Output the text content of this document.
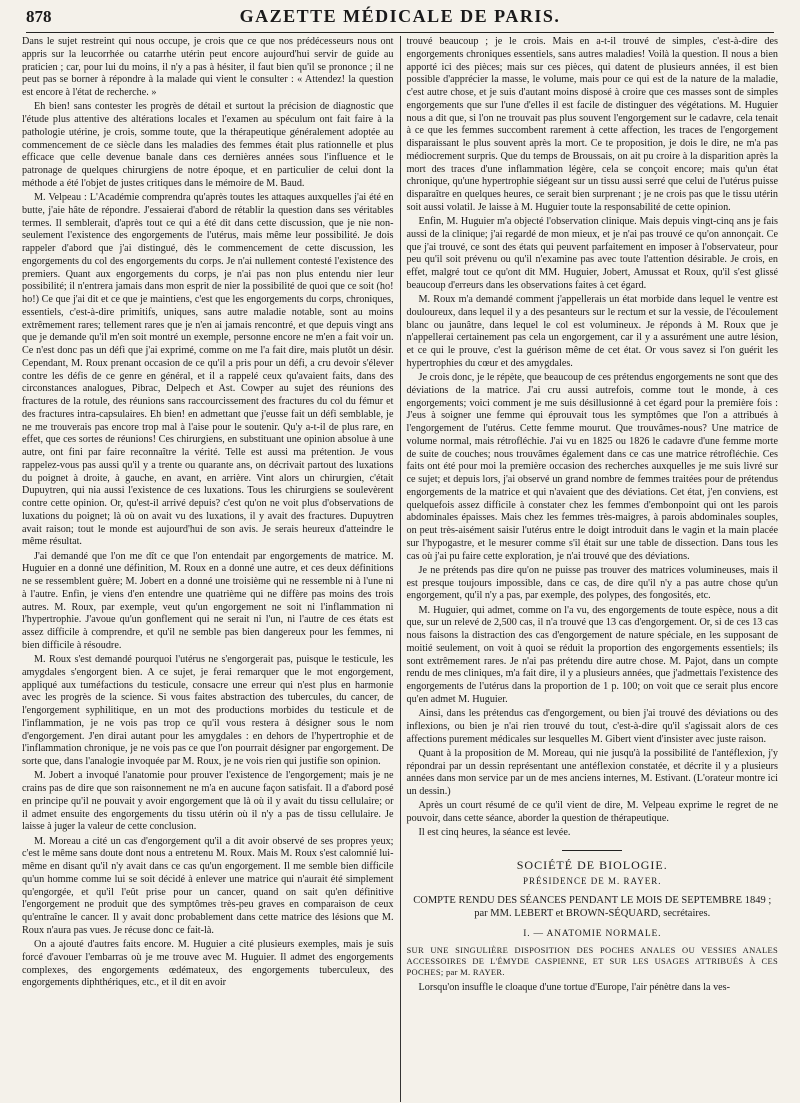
878	GAZETTE MÉDICALE DE PARIS.

Dans le sujet restreint qui nous occupe, je crois que ce que nos prédécesseurs nous ont appris sur la leucorrhée ou catarrhe utérin peut encore aujourd'hui servir de guide au praticien ; car, pour lui du moins, il n'y a pas à hésiter, il faut bien qu'il se prononce ; il ne peut pas se borner à répondre à la malade qui vient le consulter : « Attendez! la question est encore à l'état de recherche. »

Eh bien! sans contester les progrès de détail et surtout la précision de diagnostic que l'étude plus attentive des altérations locales et l'examen au spéculum ont fait faire à la pathologie utérine, je crois, somme toute, que la thérapeutique généralement adoptée au commencement de ce siècle dans les maladies des femmes était plus rationnelle et plus efficace que celle devenue banale dans ces dernières années sous l'influence et le patronage de quelques chirurgiens de notre époque, et en particulier de celui dont la méthode a été l'objet de justes critiques dans le mémoire de M. Baud.

M. Velpeau : L'Académie comprendra qu'après toutes les attaques auxquelles j'ai été en butte, j'aie hâte de répondre. J'essaierai d'abord de rétablir la question dans ses véritables termes. Il semblerait, d'après tout ce qui a été dit dans cette discussion, que je nie non-seulement l'existence des engorgements de l'utérus, mais même leur possibilité. Je dois rappeler d'abord que j'ai distingué, dès le commencement de cette discussion, les engorgements du col des engorgements du corps. Je n'ai nullement contesté l'existence des premiers. Quant aux engorgements du corps, je n'ai pas non plus entendu nier leur possibilité; il n'entrera jamais dans mon esprit de nier la possibilité de quoi que ce soit (ho! ho!) Ce que j'ai dit et ce que je maintiens, c'est que les engorgements du corps, chroniques, essentiels, c'est-à-dire primitifs, uniques, sans autre maladie notable, sont au moins extrêmement rares; tellement rares que je n'en ai jamais rencontré, et que depuis vingt ans que je demande qu'il m'en soit montré un exemple, personne encore ne m'en a fait voir un. Ce n'est donc pas un défi que j'ai exprimé, comme on me l'a fait dire, mais plutôt un désir. Cependant, M. Roux prenant occasion de ce qu'il a pris pour un défi, a cru devoir s'élever contre les défis de ce genre en général, et il a rappelé ceux qu'avaient faits, dans des circonstances analogues, Pibrac, Delpech et Ast. Cowper au sujet des réunions des fractures de la rotule, des réunions sans raccourcissement des fractures du col du fémur et des fractures intra-capsulaires. Eh bien! en admettant que j'eusse fait un défi semblable, je ne me trouverais pas encore trop mal à l'aise pour le soutenir. Qu'y a-t-il de plus rare, en effet, que ces sortes de réunions! Ces chirurgiens, en substituant une opinion absolue à une autre, ont fini par faire reconnaître la vérité. Telle est aussi ma prétention. Je vous rappelez-vous pas aussi qu'il y a trente ou quarante ans, on décrivait partout des luxations du poignet à droite, à gauche, en avant, en arrière. Vint alors un chirurgien, c'était Dupuytren, qui nia aussi l'existence de ces luxations. Tous les chirurgiens se soulevèrent contre cette opinion. Or, qu'est-il arrivé depuis? c'est qu'on ne voit plus d'observations de luxations du poignet; là où on avait vu des luxations, il y avait des fractures. Dupuytren avait raison; tout le monde est aujourd'hui de son avis. Je serais heureux d'atteindre le même résultat.

J'ai demandé que l'on me dît ce que l'on entendait par engorgements de matrice. M. Huguier en a donné une définition, M. Roux en a donné une autre, et ces deux définitions ne se ressemblent guère; M. Jobert en a donné une troisième qui ne ressemble ni à l'une ni à l'autre. Enfin, je viens d'en entendre une quatrième qui ne diffère pas moins des trois autres. M. Roux, par exemple, veut qu'un engorgement ne soit ni l'inflammation ni l'hypertrophie. J'avoue qu'un gonflement qui ne serait ni l'un, ni l'autre de ces états est assez difficile à comprendre, et qu'il ne semble pas bien dangereux pour les femmes, ni bien difficile à résoudre.

M. Roux s'est demandé pourquoi l'utérus ne s'engorgerait pas, puisque le testicule, les amygdales s'engorgent bien. A ce sujet, je ferai remarquer que le mot engorgement, appliqué aux tuméfactions du testicule, consacre une erreur qui n'est plus en harmonie avec les progrès de la science. Si vous faites abstraction des tubercules, du cancer, de l'engorgement syphilitique, en un mot des productions morbides du testicule et de l'inflammation, je ne vois pas trop ce qu'il vous restera à désigner sous le nom d'engorgement. J'en dirai autant pour les amygdales : en dehors de l'hypertrophie et de l'inflammation chronique, je ne vois pas ce que l'on pourrait désigner par engorgement. De sorte que, dans l'analogie invoquée par M. Roux, je ne vois rien qui justifie son opinion.

M. Jobert a invoqué l'anatomie pour prouver l'existence de l'engorgement; mais je ne crains pas de dire que son raisonnement ne m'a en aucune façon satisfait. Il a d'abord posé en principe qu'il ne pouvait y avoir engorgement que là où il y avait du tissu cellulaire; or il admet ensuite des engorgements du tissu utérin où il n'y a pas de tissu cellulaire. Je laisse à juger la valeur de cette conclusion.

M. Moreau a cité un cas d'engorgement qu'il a dit avoir observé de ses propres yeux; c'est le même sans doute dont nous a entretenu M. Roux. Mais M. Roux s'est calomnié lui-même en disant qu'il n'y avait dans ce cas qu'un engorgement. Il me semble bien difficile qu'un homme comme lui se soit décidé à enlever une matrice qui n'aurait été simplement qu'engorgée, et qu'il l'eût prise pour un cancer, quand on sait qu'en définitive l'engorgement ne produit que des symptômes très-peu graves en comparaison de ceux qu'entraîne le cancer. Il y avait donc probablement dans cette matrice des lésions que M. Roux n'aura pas vues. Je récuse donc ce fait-là.

On a ajouté d'autres faits encore. M. Huguier a cité plusieurs exemples, mais je suis forcé d'avouer l'embarras où je me trouve avec M. Huguier. Il admet des engorgements complexes, des engorgements œdémateux, des engorgements tuberculeux, des engorgements diphthériques, etc., et il dit en avoir

trouvé beaucoup ; je le crois. Mais en a-t-il trouvé de simples, c'est-à-dire des engorgements chroniques essentiels, sans autres maladies! Voilà la question. Il nous a bien apporté ici des pièces; mais sur ces pièces, qui datent de plusieurs années, il est bien possible d'apprécier la masse, le volume, mais pour ce qui est de la nature de la maladie, c'est autre chose, et je suis d'autant moins disposé à croire que ces masses sont de simples engorgements que sur l'une d'elles il est facile de distinguer des végétations. M. Huguier nous a dit que, si l'on ne trouvait pas plus souvent l'engorgement sur le cadavre, cela tenait à ce que les femmes succombent rarement à cette affection, les traces de l'engorgement disparaissant le plus souvent après la mort. Ce te proposition, je dois le dire, ne m'a pas médiocrement surpris. Que du temps de Broussais, on ait pu croire à la disparition après la mort des traces d'une inflammation légère, cela se conçoit encore; mais qu'un état chronique, qu'une hypertrophie siégeant sur un tissu aussi serré que celui de l'utérus puisse disparaître en quelques heures, ce serait bien surprenant ; je ne crois pas que le tissu utérin soit aussi volatil. Je laisse à M. Huguier toute la responsabilité de cette opinion.

Enfin, M. Huguier m'a objecté l'observation clinique. Mais depuis vingt-cinq ans je fais aussi de la clinique; j'ai regardé de mon mieux, et je n'ai pas trouvé ce qu'on annonçait. Ce que j'ai trouvé, ce sont des états qui peuvent parfaitement en imposer à l'observateur, pour peu qu'il soit prévenu ou qu'il n'examine pas avec toute l'attention désirable. Je crois, en effet, malgré tout ce qu'ont dit MM. Huguier, Jobert, Amussat et Roux, qu'il s'est glissé beaucoup d'erreurs dans les observations faites à cet égard.

M. Roux m'a demandé comment j'appellerais un état morbide dans lequel le ventre est douloureux, dans lequel il y a des pesanteurs sur le rectum et sur la vessie, de l'écoulement blanc ou jaunâtre, dans lequel le col est volumineux. Je réponds à M. Roux que je n'appellerai certainement pas cela un engorgement, car il y a assurément une autre lésion, et ce qui le prouve, c'est la guérison même de cet état. Or vous savez si l'on guérit les hypertrophies du cœur et des amygdales.

Je crois donc, je le répète, que beaucoup de ces prétendus engorgements ne sont que des déviations de la matrice. J'ai cru aussi autrefois, comme tout le monde, à ces engorgements; voici comment je me suis désillusionné à cet égard pour la première fois : J'eus à soigner une femme qui éprouvait tous les symptômes que l'on a attribués à l'engorgement de l'utérus. Cette femme mourut. Que trouvâmes-nous? Une matrice de volume normal, mais rétrofléchie. J'ai vu en 1825 ou 1826 le cadavre d'une femme morte de suite de couches; nous trouvâmes également dans ce cas une matrice rétrofléchie. Ces faits ont été pour moi la première occasion des recherches auxquelles je me suis livré sur ce sujet; et depuis lors, j'ai observé un grand nombre de femmes traitées pour de prétendus engorgements de la matrice et qui n'avaient que des déviations. Cet état, j'en conviens, est quelquefois assez difficile à constater chez les femmes d'embonpoint qui ont les parois abdominales épaisses. Mais chez les femmes très-maigres, à parois abdominales souples, on peut très-aisément saisir l'utérus entre le doigt introduit dans le vagin et la main placée sur l'hypogastre, et le mesurer comme s'il était sur une table de dissection. Dans tous les cas où j'ai pu faire cette exploration, je n'ai trouvé que des déviations.

Je ne prétends pas dire qu'on ne puisse pas trouver des matrices volumineuses, mais il est presque toujours impossible, dans ce cas, de dire qu'il n'y a pas autre chose qu'un engorgement, qu'il n'y a pas, par exemple, des polypes, des fongosités, etc.

M. Huguier, qui admet, comme on l'a vu, des engorgements de toute espèce, nous a dit que, sur un relevé de 2,500 cas, il n'a trouvé que 13 cas d'engorgement. Or, si de ces 13 cas nous faisons la distraction des cas d'engorgement de nature spéciale, en les supposant de moitié seulement, on voit à quoi se réduit la proportion des engorgements essentiels; ils sont extrêmement rares. Je n'ai pas prétendu dire autre chose. M. Pajot, dans un compte rendu de mes cliniques, m'a fait dire, il y a plusieurs années, que j'admettais l'existence des engorgements de l'utérus dans la proportion de 1 p. 100; on voit que ce serait plus encore qu'en admet M. Huguier.

Ainsi, dans les prétendus cas d'engorgement, ou bien j'ai trouvé des déviations ou des inflexions, ou bien je n'ai rien trouvé du tout, c'est-à-dire qu'il s'agissait alors de ces affections purement médicales sur lesquelles M. Gibert vient d'insister avec juste raison.

Quant à la proposition de M. Moreau, qui nie jusqu'à la possibilité de l'antéflexion, j'y répondrai par un dessin représentant une antéflexion constatée, et décrite il y a plusieurs années dans mon service par un de mes anciens internes, M. Estivant. (L'orateur montre ici un dessin.)

Après un court résumé de ce qu'il vient de dire, M. Velpeau exprime le regret de ne pouvoir, dans cette séance, aborder la question de thérapeutique.

Il est cinq heures, la séance est levée.

SOCIÉTÉ DE BIOLOGIE.
PRÉSIDENCE DE M. RAYER.
COMPTE RENDU DES SÉANCES PENDANT LE MOIS DE SEPTEMBRE 1849 ; par MM. LEBERT et BROWN-SÉQUARD, secrétaires.
I. — ANATOMIE NORMALE.

SUR UNE SINGULIÈRE DISPOSITION DES POCHES ANALES OU VESSIES ANALES ACCESSOIRES DE L'ÉMYDE CASPIENNE, ET SUR LES USAGES ATTRIBUÉS À CES POCHES; par M. RAYER.

Lorsqu'on insuffle le cloaque d'une tortue d'Europe, l'air pénètre dans la ves-
